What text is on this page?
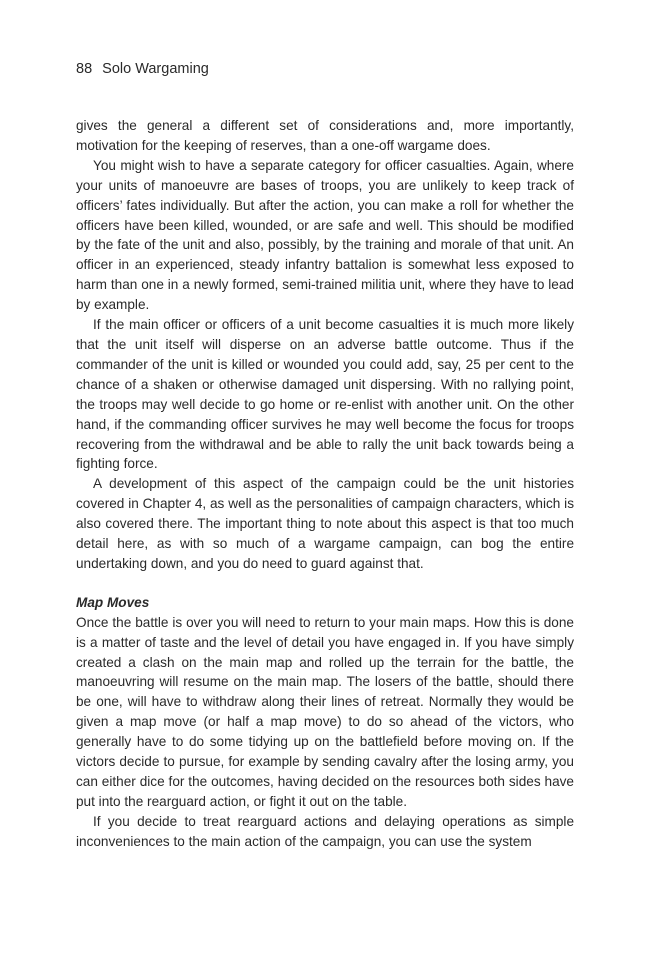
88 Solo Wargaming

gives the general a different set of considerations and, more importantly, motivation for the keeping of reserves, than a one-off wargame does.

You might wish to have a separate category for officer casualties. Again, where your units of manoeuvre are bases of troops, you are unlikely to keep track of officers’ fates individually. But after the action, you can make a roll for whether the officers have been killed, wounded, or are safe and well. This should be modified by the fate of the unit and also, possibly, by the training and morale of that unit. An officer in an experienced, steady infantry battalion is somewhat less exposed to harm than one in a newly formed, semi-trained militia unit, where they have to lead by example.

If the main officer or officers of a unit become casualties it is much more likely that the unit itself will disperse on an adverse battle outcome. Thus if the commander of the unit is killed or wounded you could add, say, 25 per cent to the chance of a shaken or otherwise damaged unit dispersing. With no rallying point, the troops may well decide to go home or re-enlist with another unit. On the other hand, if the commanding officer survives he may well become the focus for troops recovering from the withdrawal and be able to rally the unit back towards being a fighting force.

A development of this aspect of the campaign could be the unit histories covered in Chapter 4, as well as the personalities of campaign characters, which is also covered there. The important thing to note about this aspect is that too much detail here, as with so much of a wargame campaign, can bog the entire undertaking down, and you do need to guard against that.

Map Moves

Once the battle is over you will need to return to your main maps. How this is done is a matter of taste and the level of detail you have engaged in. If you have simply created a clash on the main map and rolled up the terrain for the battle, the manoeuvring will resume on the main map. The losers of the battle, should there be one, will have to withdraw along their lines of retreat. Normally they would be given a map move (or half a map move) to do so ahead of the victors, who generally have to do some tidying up on the battlefield before moving on. If the victors decide to pursue, for example by sending cavalry after the losing army, you can either dice for the outcomes, having decided on the resources both sides have put into the rearguard action, or fight it out on the table.

If you decide to treat rearguard actions and delaying operations as simple inconveniences to the main action of the campaign, you can use the system
